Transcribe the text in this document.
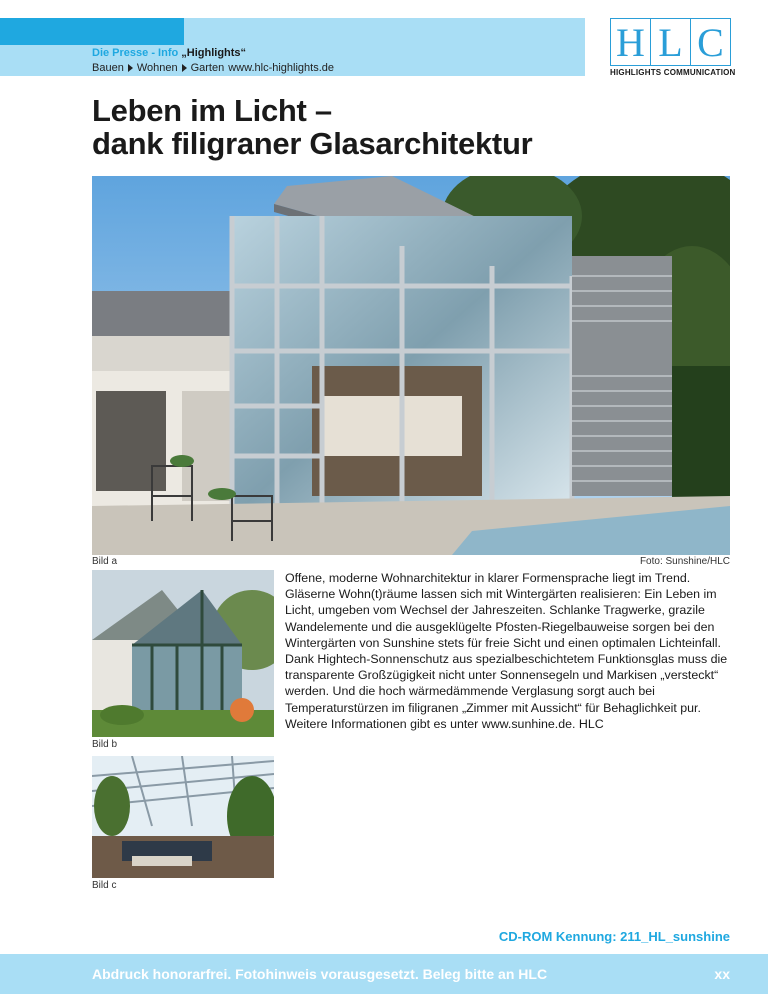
Die Presse - Info „Highlights“
Bauen Wohnen Garten www.hlc-highlights.de
H L C
HIGHLIGHTS COMMUNICATION
Leben im Licht –
dank filigraner Glasarchitektur
Bild a	Foto: Sunshine/HLC
Offene, moderne Wohnarchitektur in klarer Formensprache liegt im Trend. Gläserne Wohn(t)räume lassen sich mit Wintergärten realisieren: Ein Leben im Licht, umgeben vom Wechsel der Jahreszeiten. Schlanke Tragwerke, grazile Wandelemente und die ausgeklügelte Pfosten-Riegelbauweise sorgen bei den Wintergärten von Sunshine stets für freie Sicht und einen optimalen Lichteinfall. Dank Hightech-Sonnenschutz aus spezialbeschichtetem Funktionsglas muss die transparente Großzügigkeit nicht unter Sonnensegeln und Markisen „versteckt“ werden. Und die hoch wärmedämmende Verglasung sorgt auch bei Temperaturstürzen im filigranen „Zimmer mit Aussicht“ für Behaglichkeit pur. Weitere Informationen gibt es unter www.sunhine.de. HLC
Bild b
Bild c
CD-ROM Kennung: 211_HL_sunshine
Abdruck honorarfrei. Fotohinweis vorausgesetzt. Beleg bitte an HLC	xx
